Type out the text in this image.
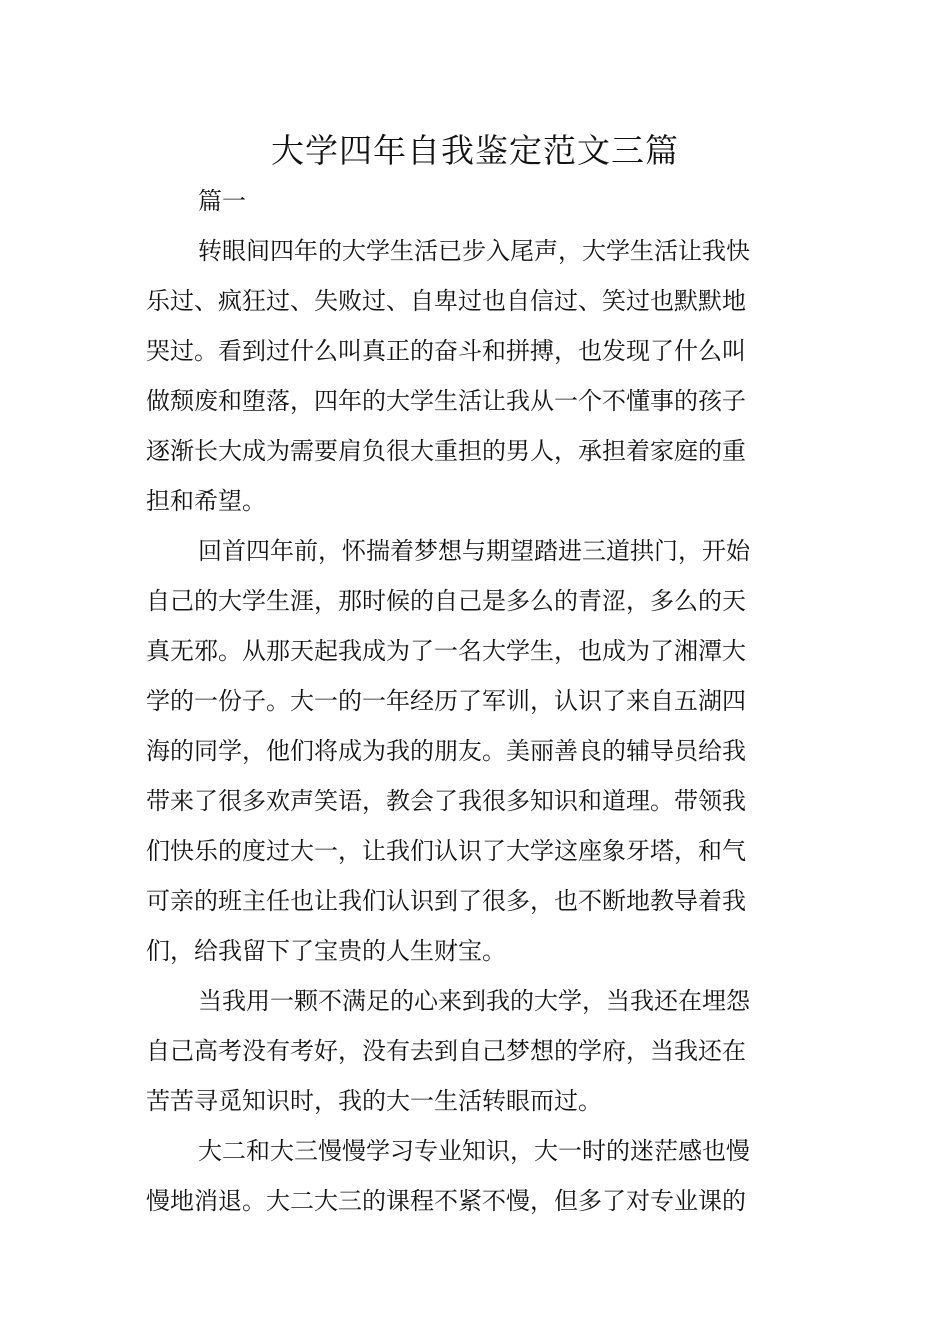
大学四年自我鉴定范文三篇
篇一
转眼间四年的大学生活已步入尾声，大学生活让我快
乐过、疯狂过、失败过、自卑过也自信过、笑过也默默地
哭过。看到过什么叫真正的奋斗和拼搏，也发现了什么叫
做颓废和堕落，四年的大学生活让我从一个不懂事的孩子
逐渐长大成为需要肩负很大重担的男人，承担着家庭的重
担和希望。
回首四年前，怀揣着梦想与期望踏进三道拱门，开始
自己的大学生涯，那时候的自己是多么的青涩，多么的天
真无邪。从那天起我成为了一名大学生，也成为了湘潭大
学的一份子。大一的一年经历了军训，认识了来自五湖四
海的同学，他们将成为我的朋友。美丽善良的辅导员给我
带来了很多欢声笑语，教会了我很多知识和道理。带领我
们快乐的度过大一，让我们认识了大学这座象牙塔，和气
可亲的班主任也让我们认识到了很多，也不断地教导着我
们，给我留下了宝贵的人生财宝。
当我用一颗不满足的心来到我的大学，当我还在埋怨
自己高考没有考好，没有去到自己梦想的学府，当我还在
苦苦寻觅知识时，我的大一生活转眼而过。
大二和大三慢慢学习专业知识，大一时的迷茫感也慢
慢地消退。大二大三的课程不紧不慢，但多了对专业课的
